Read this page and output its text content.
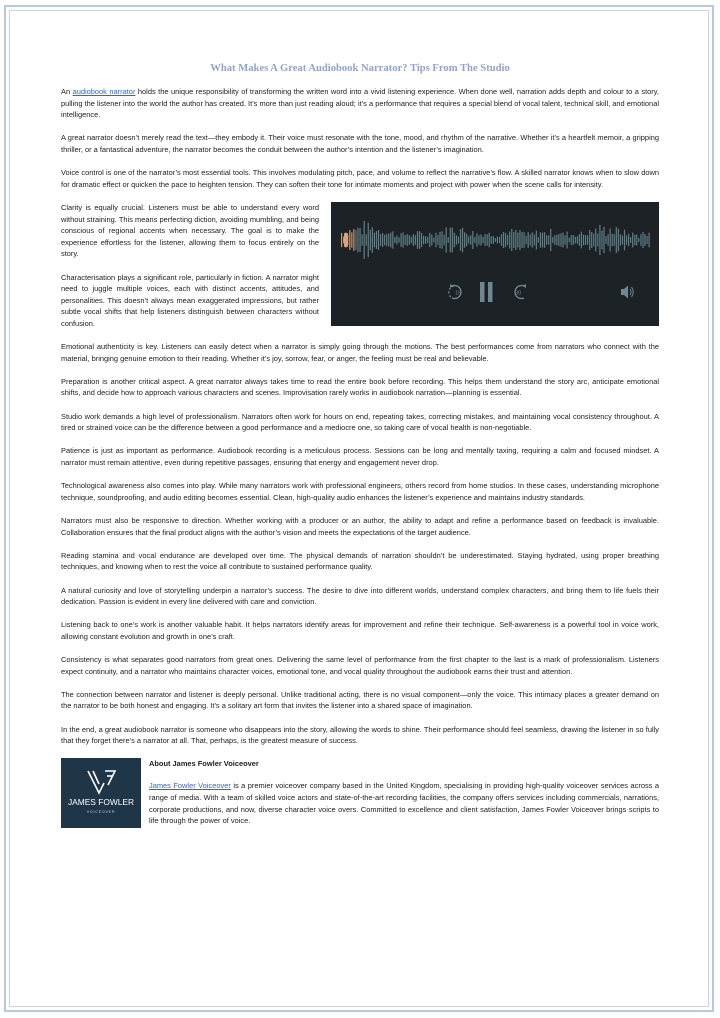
What Makes A Great Audiobook Narrator? Tips From The Studio

An audiobook narrator holds the unique responsibility of transforming the written word into a vivid listening experience. When done well, narration adds depth and colour to a story, pulling the listener into the world the author has created. It’s more than just reading aloud; it’s a performance that requires a special blend of vocal talent, technical skill, and emotional intelligence.

A great narrator doesn’t merely read the text—they embody it. Their voice must resonate with the tone, mood, and rhythm of the narrative. Whether it’s a heartfelt memoir, a gripping thriller, or a fantastical adventure, the narrator becomes the conduit between the author’s intention and the listener’s imagination.

Voice control is one of the narrator’s most essential tools. This involves modulating pitch, pace, and volume to reflect the narrative’s flow. A skilled narrator knows when to slow down for dramatic effect or quicken the pace to heighten tension. They can soften their tone for intimate moments and project with power when the scene calls for intensity.

15	30

Clarity is equally crucial. Listeners must be able to understand every word without straining. This means perfecting diction, avoiding mumbling, and being conscious of regional accents when necessary. The goal is to make the experience effortless for the listener, allowing them to focus entirely on the story.

Characterisation plays a significant role, particularly in fiction. A narrator might need to juggle multiple voices, each with distinct accents, attitudes, and personalities. This doesn’t always mean exaggerated impressions, but rather subtle vocal shifts that help listeners distinguish between characters without confusion.

Emotional authenticity is key. Listeners can easily detect when a narrator is simply going through the motions. The best performances come from narrators who connect with the material, bringing genuine emotion to their reading. Whether it’s joy, sorrow, fear, or anger, the feeling must be real and believable.

Preparation is another critical aspect. A great narrator always takes time to read the entire book before recording. This helps them understand the story arc, anticipate emotional shifts, and decide how to approach various characters and scenes. Improvisation rarely works in audiobook narration—planning is essential.

Studio work demands a high level of professionalism. Narrators often work for hours on end, repeating takes, correcting mistakes, and maintaining vocal consistency throughout. A tired or strained voice can be the difference between a good performance and a mediocre one, so taking care of vocal health is non-negotiable.

Patience is just as important as performance. Audiobook recording is a meticulous process. Sessions can be long and mentally taxing, requiring a calm and focused mindset. A narrator must remain attentive, even during repetitive passages, ensuring that energy and engagement never drop.

Technological awareness also comes into play. While many narrators work with professional engineers, others record from home studios. In these cases, understanding microphone technique, soundproofing, and audio editing becomes essential. Clean, high-quality audio enhances the listener’s experience and maintains industry standards.

Narrators must also be responsive to direction. Whether working with a producer or an author, the ability to adapt and refine a performance based on feedback is invaluable. Collaboration ensures that the final product aligns with the author’s vision and meets the expectations of the target audience.

Reading stamina and vocal endurance are developed over time. The physical demands of narration shouldn’t be underestimated. Staying hydrated, using proper breathing techniques, and knowing when to rest the voice all contribute to sustained performance quality.

A natural curiosity and love of storytelling underpin a narrator’s success. The desire to dive into different worlds, understand complex characters, and bring them to life fuels their dedication. Passion is evident in every line delivered with care and conviction.

Listening back to one’s work is another valuable habit. It helps narrators identify areas for improvement and refine their technique. Self-awareness is a powerful tool in voice work, allowing constant evolution and growth in one’s craft.

Consistency is what separates good narrators from great ones. Delivering the same level of performance from the first chapter to the last is a mark of professionalism. Listeners expect continuity, and a narrator who maintains character voices, emotional tone, and vocal quality throughout the audiobook earns their trust and attention.

The connection between narrator and listener is deeply personal. Unlike traditional acting, there is no visual component—only the voice. This intimacy places a greater demand on the narrator to be both honest and engaging. It’s a solitary art form that invites the listener into a shared space of imagination.

In the end, a great audiobook narrator is someone who disappears into the story, allowing the words to shine. Their performance should feel seamless, drawing the listener in so fully that they forget there’s a narrator at all. That, perhaps, is the greatest measure of success.

JAMES FOWLER
VOICEOVER
About James Fowler Voiceover

James Fowler Voiceover is a premier voiceover company based in the United Kingdom, specialising in providing high-quality voiceover services across a range of media. With a team of skilled voice actors and state-of-the-art recording facilities, the company offers services including commercials, narrations, corporate productions, and now, diverse character voice overs. Committed to excellence and client satisfaction, James Fowler Voiceover brings scripts to life through the power of voice.
